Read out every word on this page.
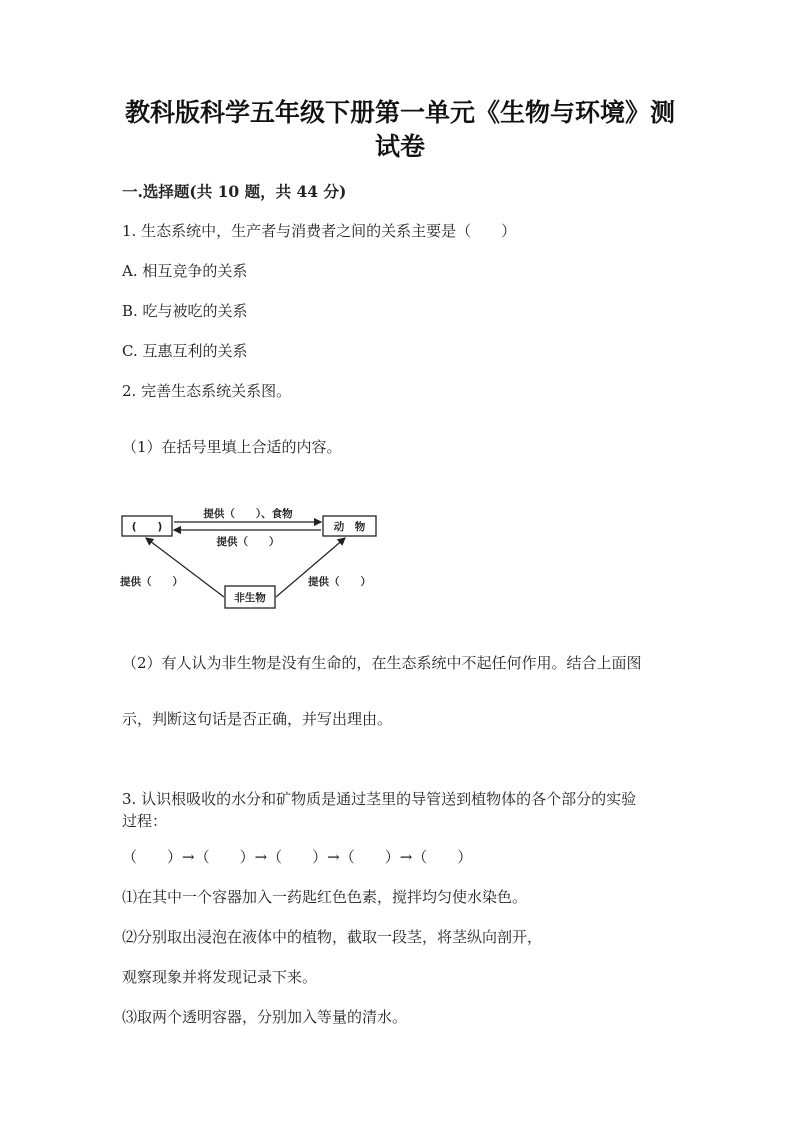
教科版科学五年级下册第一单元《生物与环境》测
试卷
一.选择题(共 10 题，共 44 分)
1. 生态系统中，生产者与消费者之间的关系主要是（　　）
A. 相互竞争的关系
B. 吃与被吃的关系
C. 互惠互利的关系
2. 完善生态系统关系图。
（1）在括号里填上合适的内容。
(　　)	动　物
非生物
提供（　　）、食物
提供（　　）
提供（　　）	提供（　　）
（2）有人认为非生物是没有生命的，在生态系统中不起任何作用。结合上面图
示，判断这句话是否正确，并写出理由。
3. 认识根吸收的水分和矿物质是通过茎里的导管送到植物体的各个部分的实验
过程：
（　　）→（　　）→（　　）→（　　）→（　　）
⑴在其中一个容器加入一药匙红色色素，搅拌均匀使水染色。
⑵分别取出浸泡在液体中的植物，截取一段茎，将茎纵向剖开，
观察现象并将发现记录下来。
⑶取两个透明容器，分别加入等量的清水。
